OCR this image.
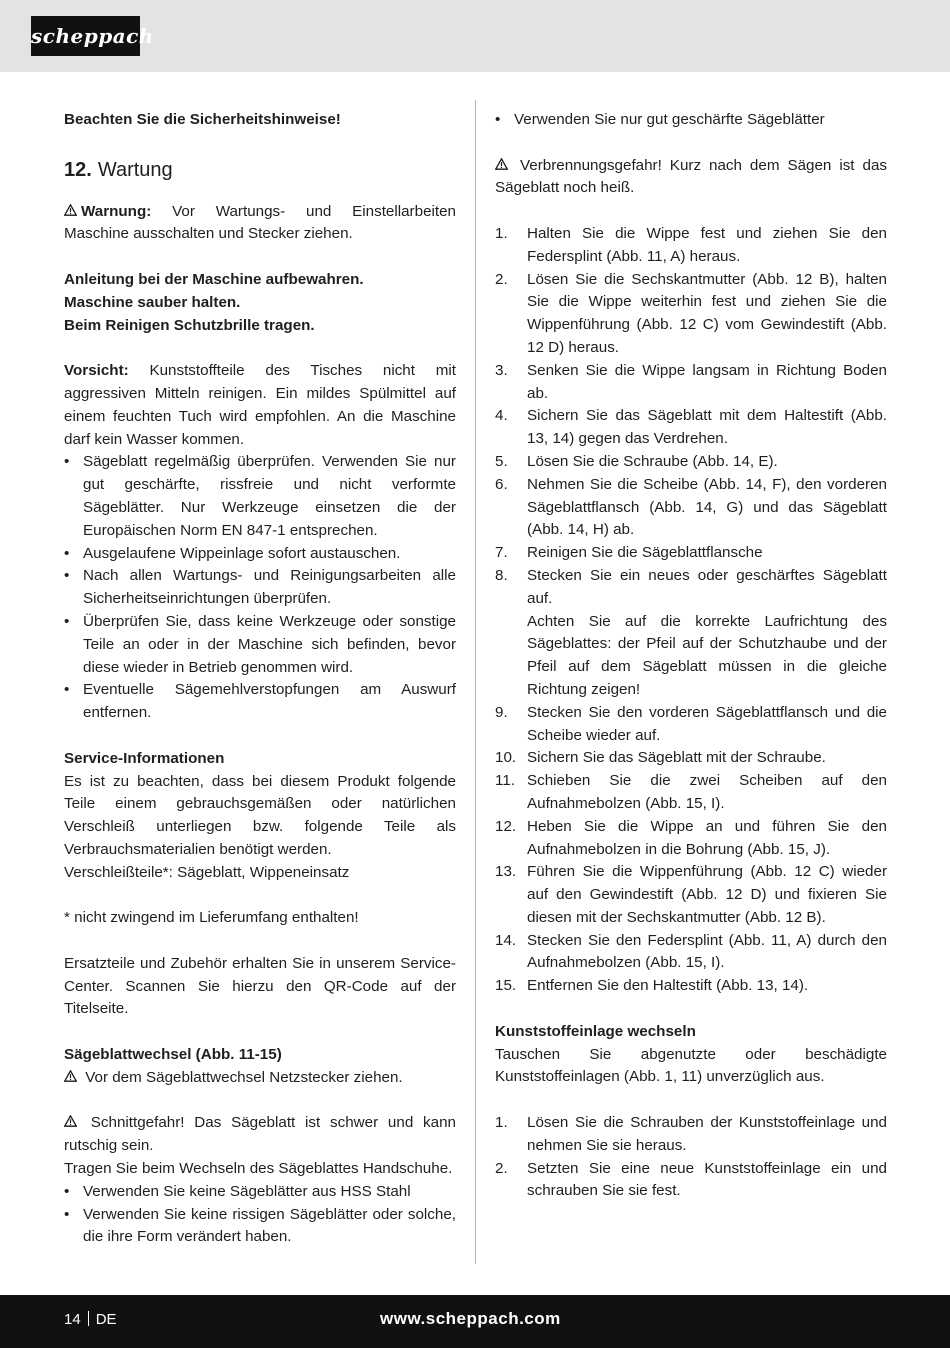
scheppach

Beachten Sie die Sicherheitshinweise!

12. Wartung

Warnung: Vor Wartungs- und Einstellarbeiten Maschine ausschalten und Stecker ziehen.

Anleitung bei der Maschine aufbewahren.

Maschine sauber halten.

Beim Reinigen Schutzbrille tragen.

Vorsicht: Kunststoffteile des Tisches nicht mit aggressiven Mitteln reinigen. Ein mildes Spülmittel auf einem feuchten Tuch wird empfohlen. An die Maschine darf kein Wasser kommen.

• Sägeblatt regelmäßig überprüfen. Verwenden Sie nur gut geschärfte, rissfreie und nicht verformte Sägeblätter. Nur Werkzeuge einsetzen die der Europäischen Norm EN 847-1 entsprechen.
• Ausgelaufene Wippeinlage sofort austauschen.
• Nach allen Wartungs- und Reinigungsarbeiten alle Sicherheitseinrichtungen überprüfen.
• Überprüfen Sie, dass keine Werkzeuge oder sonstige Teile an oder in der Maschine sich befinden, bevor diese wieder in Betrieb genommen wird.
• Eventuelle Sägemehlverstopfungen am Auswurf entfernen.

Service-Informationen

Es ist zu beachten, dass bei diesem Produkt folgende Teile einem gebrauchsgemäßen oder natürlichen Verschleiß unterliegen bzw. folgende Teile als Verbrauchsmaterialien benötigt werden.

Verschleißteile*: Sägeblatt, Wippeneinsatz

* nicht zwingend im Lieferumfang enthalten!

Ersatzteile und Zubehör erhalten Sie in unserem Service-Center. Scannen Sie hierzu den QR-Code auf der Titelseite.

Sägeblattwechsel (Abb. 11-15)

Vor dem Sägeblattwechsel Netzstecker ziehen.

Schnittgefahr! Das Sägeblatt ist schwer und kann rutschig sein.

Tragen Sie beim Wechseln des Sägeblattes Handschuhe.

• Verwenden Sie keine Sägeblätter aus HSS Stahl
• Verwenden Sie keine rissigen Sägeblätter oder solche, die ihre Form verändert haben.
• Verwenden Sie nur gut geschärfte Sägeblätter

Verbrennungsgefahr! Kurz nach dem Sägen ist das Sägeblatt noch heiß.

1. Halten Sie die Wippe fest und ziehen Sie den Federsplint (Abb. 11, A) heraus.
2. Lösen Sie die Sechskantmutter (Abb. 12 B), halten Sie die Wippe weiterhin fest und ziehen Sie die Wippenführung (Abb. 12 C) vom Gewindestift (Abb. 12 D) heraus.
3. Senken Sie die Wippe langsam in Richtung Boden ab.
4. Sichern Sie das Sägeblatt mit dem Haltestift (Abb. 13, 14) gegen das Verdrehen.
5. Lösen Sie die Schraube (Abb. 14, E).
6. Nehmen Sie die Scheibe (Abb. 14, F), den vorderen Sägeblattflansch (Abb. 14, G) und das Sägeblatt (Abb. 14, H) ab.
7. Reinigen Sie die Sägeblattflansche
8. Stecken Sie ein neues oder geschärftes Sägeblatt auf.
Achten Sie auf die korrekte Laufrichtung des Sägeblattes: der Pfeil auf der Schutzhaube und der Pfeil auf dem Sägeblatt müssen in die gleiche Richtung zeigen!
9. Stecken Sie den vorderen Sägeblattflansch und die Scheibe wieder auf.
10. Sichern Sie das Sägeblatt mit der Schraube.
11. Schieben Sie die zwei Scheiben auf den Aufnahmebolzen (Abb. 15, I).
12. Heben Sie die Wippe an und führen Sie den Aufnahmebolzen in die Bohrung (Abb. 15, J).
13. Führen Sie die Wippenführung (Abb. 12 C) wieder auf den Gewindestift (Abb. 12 D) und fixieren Sie diesen mit der Sechskantmutter (Abb. 12 B).
14. Stecken Sie den Federsplint (Abb. 11, A) durch den Aufnahmebolzen (Abb. 15, I).
15. Entfernen Sie den Haltestift (Abb. 13, 14).

Kunststoffeinlage wechseln

Tauschen Sie abgenutzte oder beschädigte Kunststoffeinlagen (Abb. 1, 11) unverzüglich aus.

1. Lösen Sie die Schrauben der Kunststoffeinlage und nehmen Sie sie heraus.
2. Setzten Sie eine neue Kunststoffeinlage ein und schrauben Sie sie fest.
14 DE	www.scheppach.com
